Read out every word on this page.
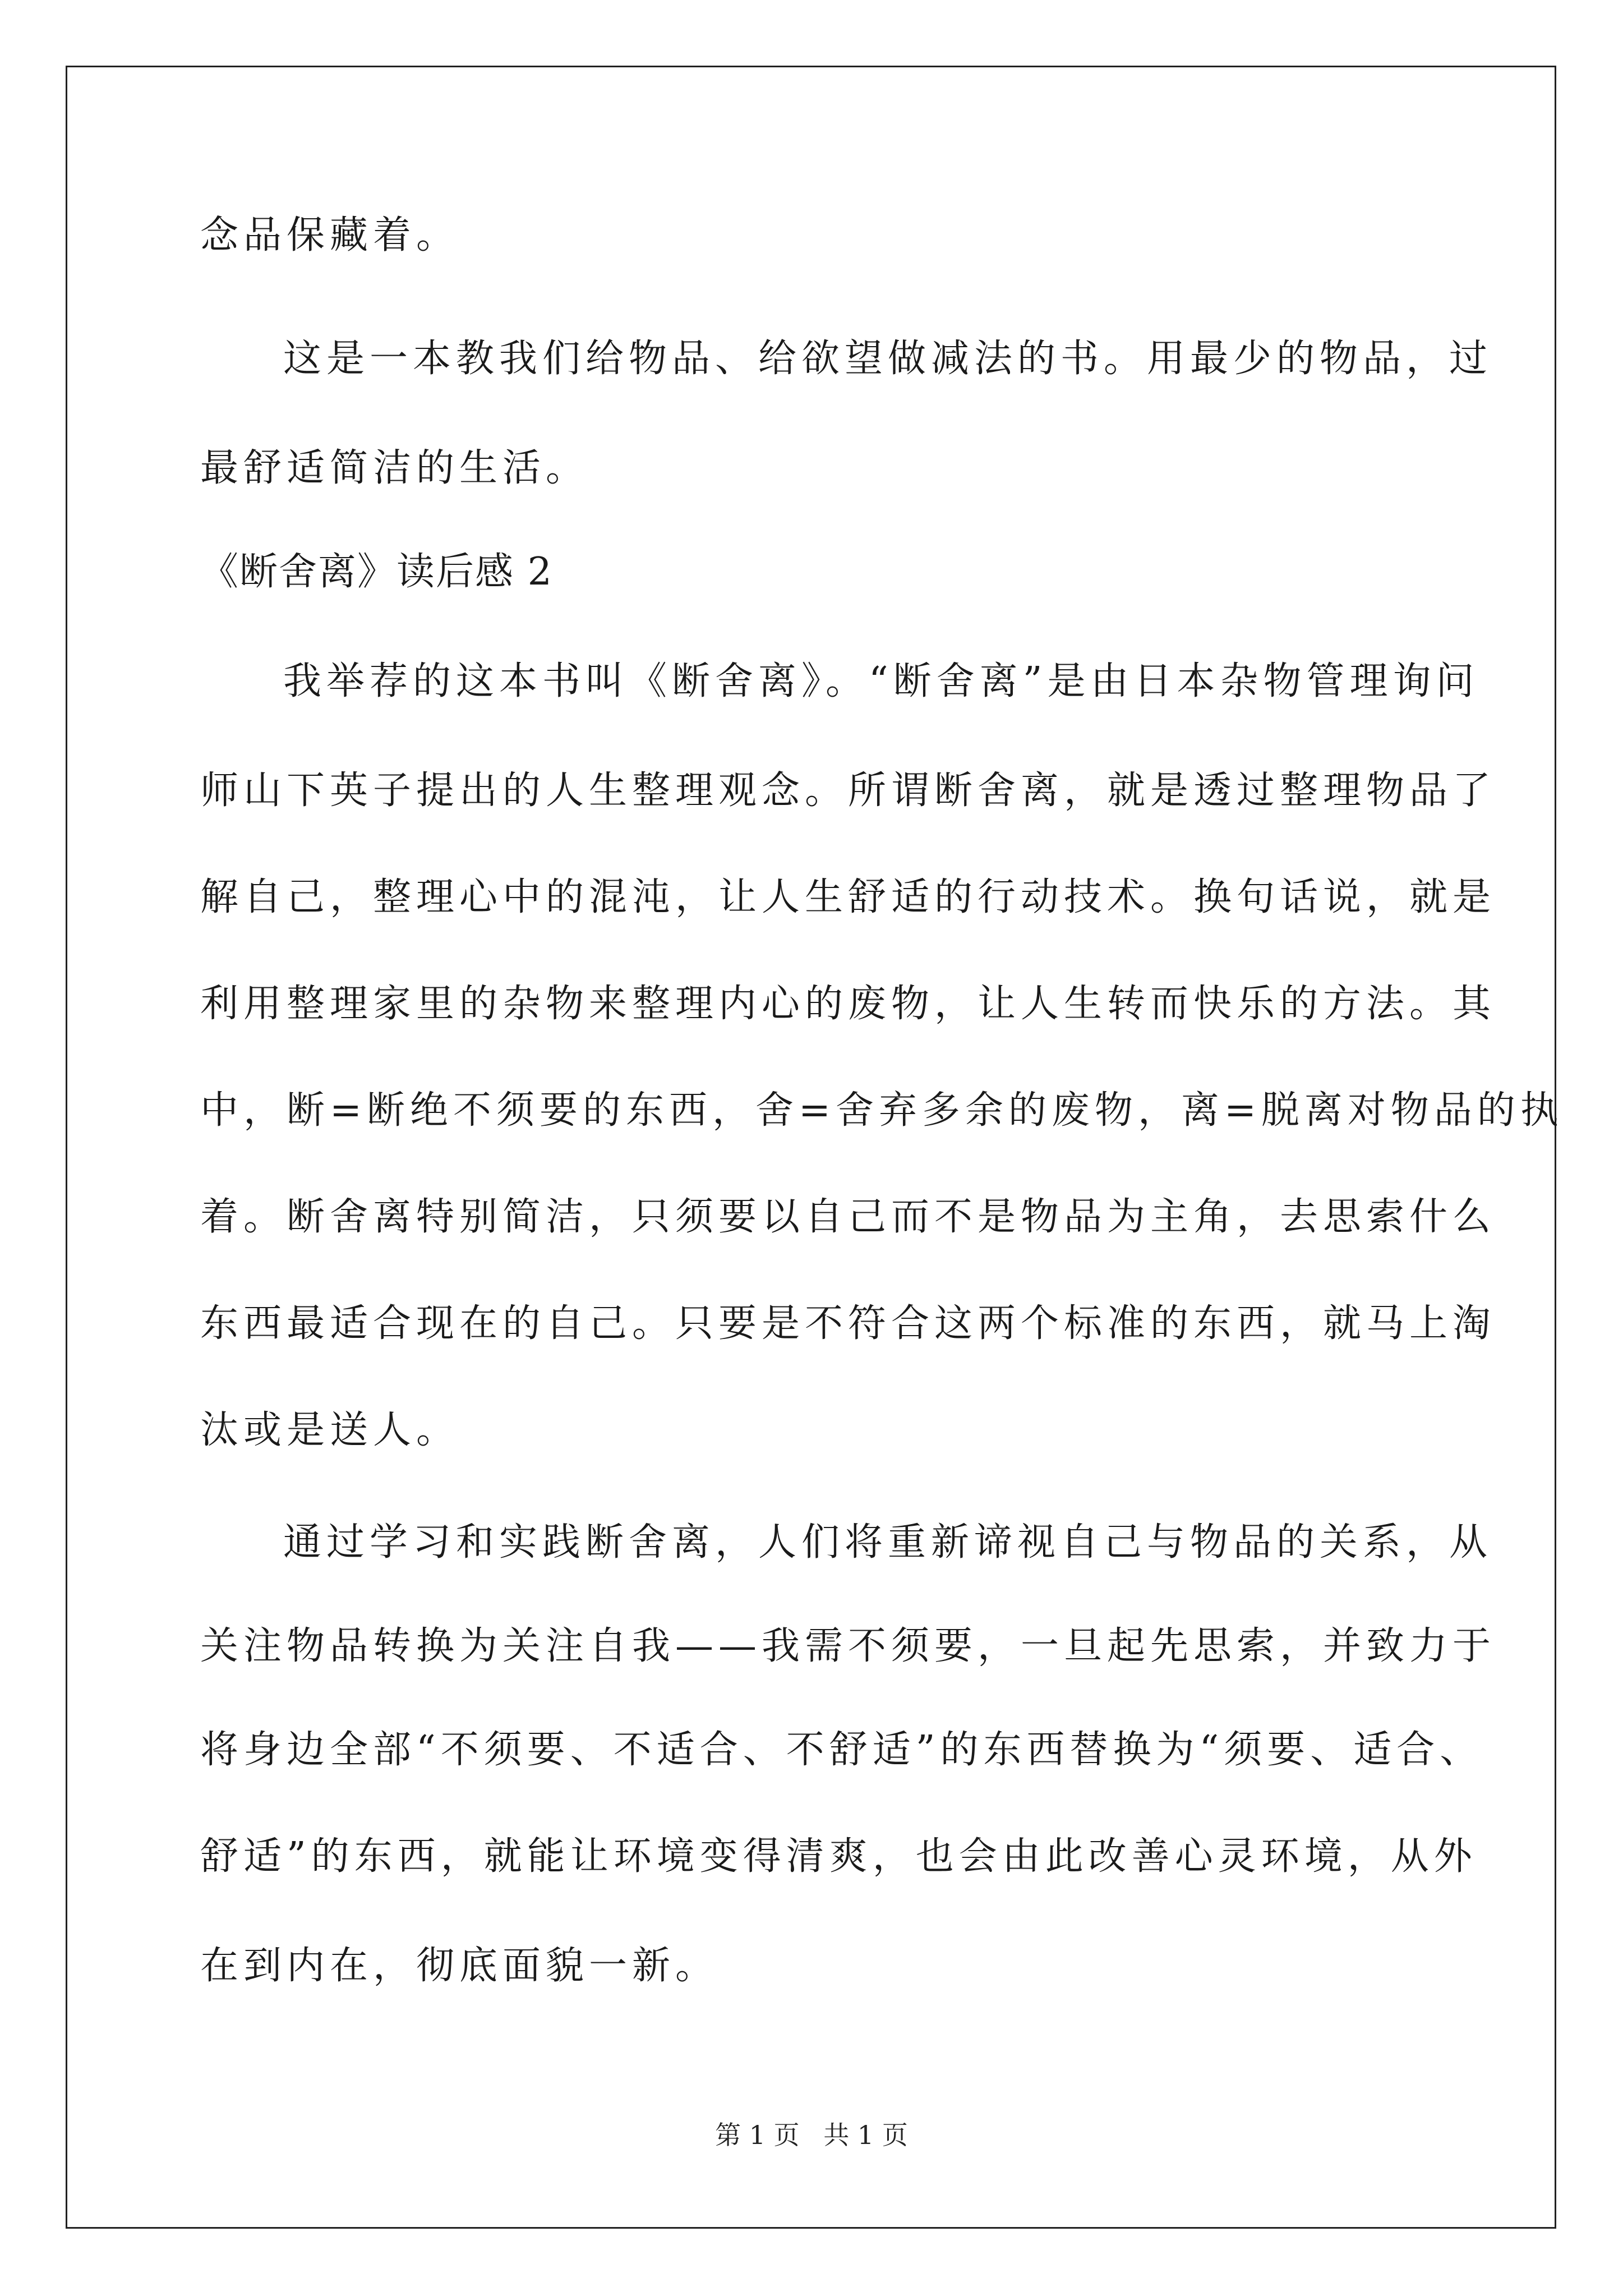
念品保藏着。
这是一本教我们给物品、给欲望做减法的书。用最少的物品，过
最舒适简洁的生活。
《断舍离》读后感 2
我举荐的这本书叫《断舍离》。“断舍离”是由日本杂物管理询问
师山下英子提出的人生整理观念。所谓断舍离，就是透过整理物品了
解自己，整理心中的混沌，让人生舒适的行动技术。换句话说，就是
利用整理家里的杂物来整理内心的废物，让人生转而快乐的方法。其
中，断=断绝不须要的东西，舍=舍弃多余的废物，离=脱离对物品的执
着。断舍离特别简洁，只须要以自己而不是物品为主角，去思索什么
东西最适合现在的自己。只要是不符合这两个标准的东西，就马上淘
汰或是送人。
通过学习和实践断舍离，人们将重新谛视自己与物品的关系，从
关注物品转换为关注自我——我需不须要，一旦起先思索，并致力于
将身边全部“不须要、不适合、不舒适”的东西替换为“须要、适合、
舒适”的东西，就能让环境变得清爽，也会由此改善心灵环境，从外
在到内在，彻底面貌一新。
第 1 页 共 1 页
